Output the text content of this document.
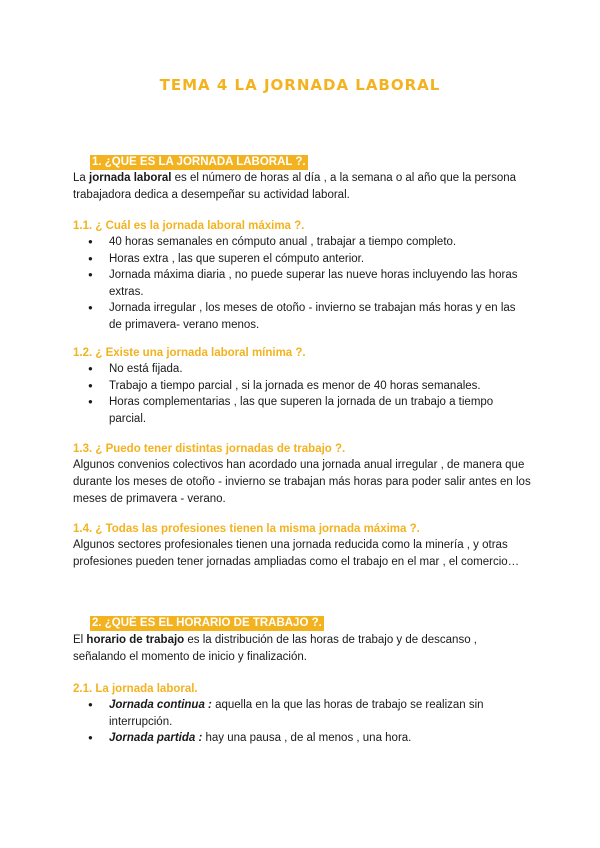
TEMA 4 LA JORNADA LABORAL
1. ¿QUE ES LA JORNADA LABORAL ?.

La jornada laboral es el número de horas al día , a la semana o al año que la persona trabajadora dedica a desempeñar su actividad laboral.

1.1. ¿ Cuál es la jornada laboral máxima ?.
● 40 horas semanales en cómputo anual , trabajar a tiempo completo.
● Horas extra , las que superen el cómputo anterior.
● Jornada máxima diaria , no puede superar las nueve horas incluyendo las horas extras.
● Jornada irregular , los meses de otoño - invierno se trabajan más horas y en las de primavera- verano menos.
1.2. ¿ Existe una jornada laboral mínima ?.
● No está fijada.
● Trabajo a tiempo parcial , si la jornada es menor de 40 horas semanales.
● Horas complementarias , las que superen la jornada de un trabajo a tiempo parcial.
1.3. ¿ Puedo tener distintas jornadas de trabajo ?.

Algunos convenios colectivos han acordado una jornada anual irregular , de manera que durante los meses de otoño - invierno se trabajan más horas para poder salir antes en los meses de primavera - verano.

1.4. ¿ Todas las profesiones tienen la misma jornada máxima ?.

Algunos sectores profesionales tienen una jornada reducida como la minería , y otras profesiones pueden tener jornadas ampliadas como el trabajo en el mar , el comercio…

2. ¿QUÉ ES EL HORARIO DE TRABAJO ?.

El horario de trabajo es la distribución de las horas de trabajo y de descanso , señalando el momento de inicio y finalización.

2.1. La jornada laboral.
● Jornada continua : aquella en la que las horas de trabajo se realizan sin interrupción.
● Jornada partida : hay una pausa , de al menos , una hora.
